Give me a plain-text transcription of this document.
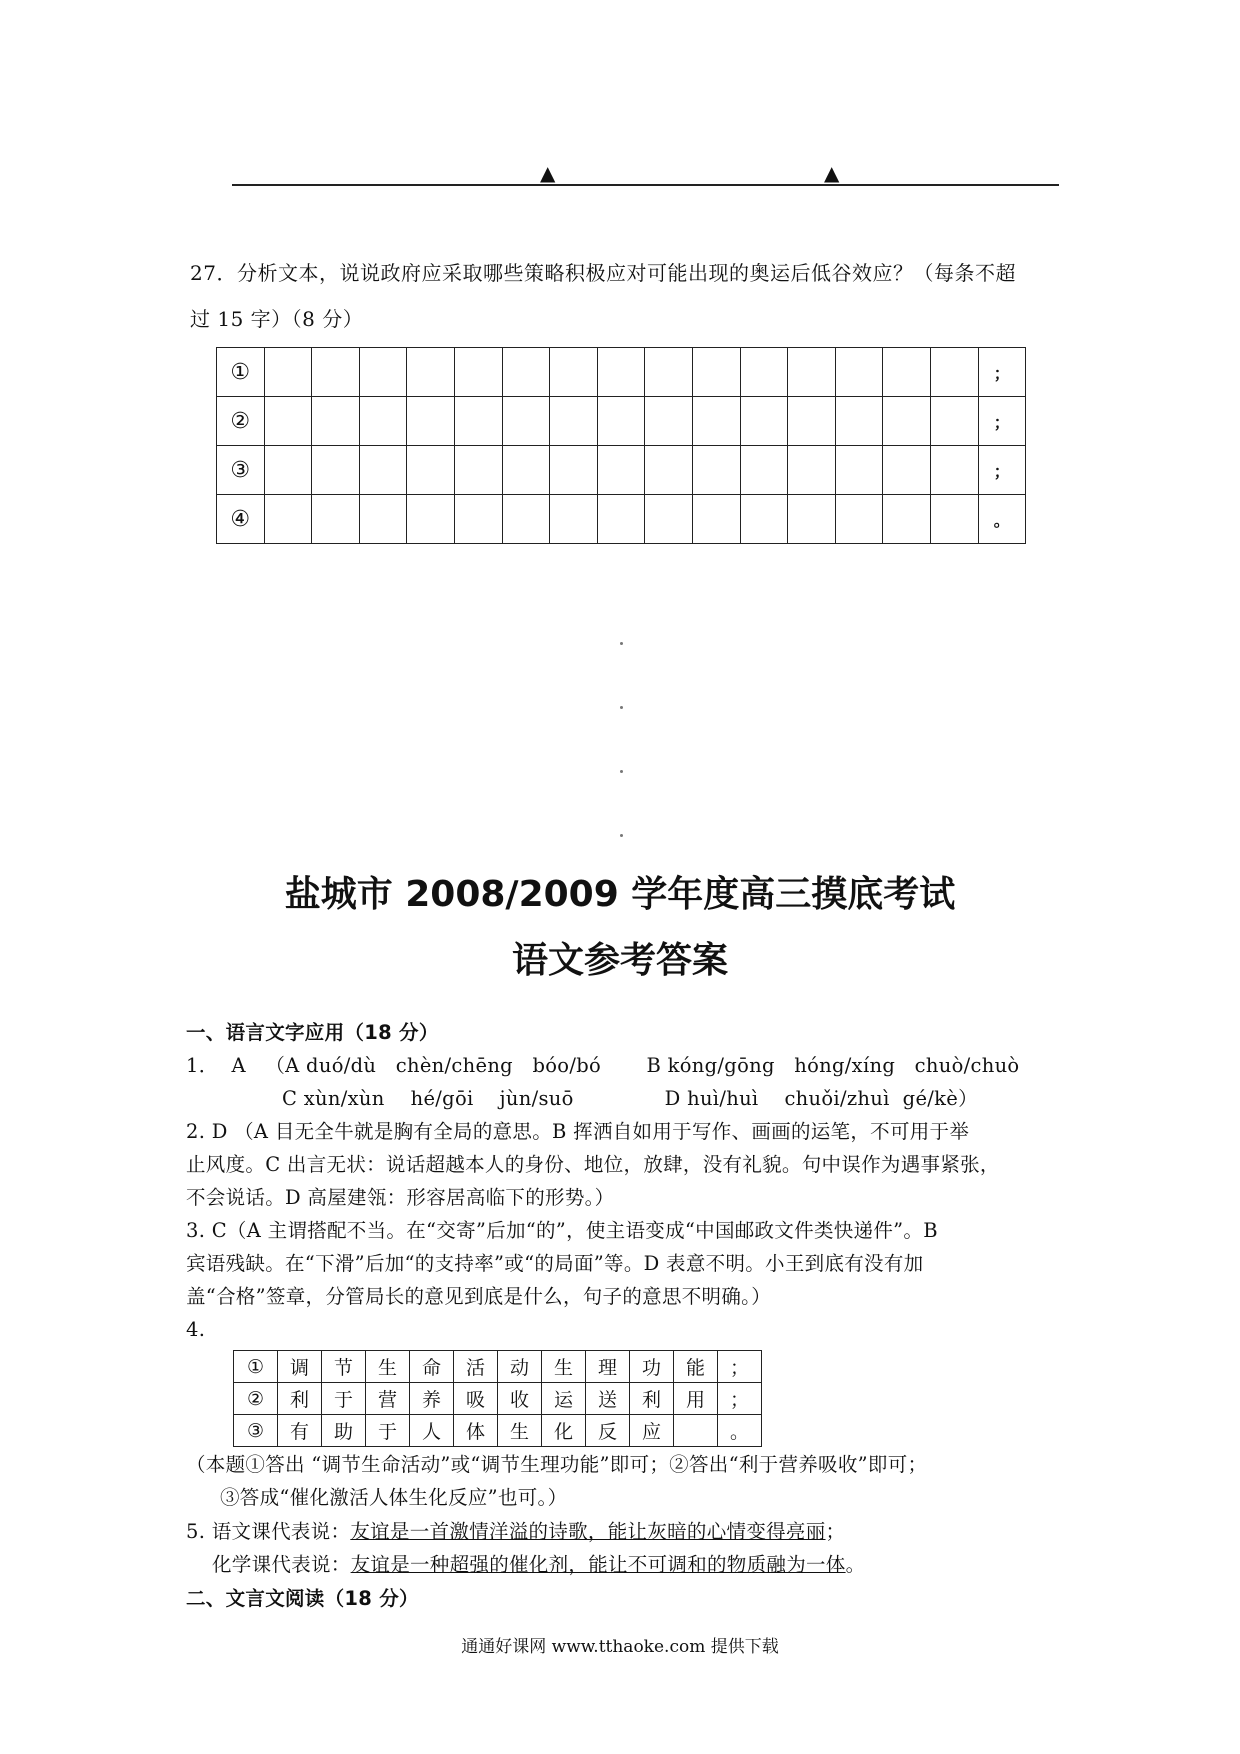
▲	▲
27．分析文本，说说政府应采取哪些策略积极应对可能出现的奥运后低谷效应？（每条不超
过 15 字）（8 分）
①																；
②																；
③																；
④																。
盐城市 2008/2009 学年度高三摸底考试
语文参考答案
一、语言文字应用（18 分）
1．  A   （A duó/dù   chèn/chēng   bóo/bó       B kóng/gōng   hóng/xíng   chuò/chuò
C xùn/xùn    hé/gōi    jùn/suō              D huì/huì    chuǒi/zhuì  gé/kè）
2. D （A 目无全牛就是胸有全局的意思。B 挥洒自如用于写作、画画的运笔，不可用于举
止风度。C 出言无状：说话超越本人的身份、地位，放肆，没有礼貌。句中误作为遇事紧张，
不会说话。D 高屋建瓴：形容居高临下的形势。）
3. C（A 主谓搭配不当。在“交寄”后加“的”，使主语变成“中国邮政文件类快递件”。B
宾语残缺。在“下滑”后加“的支持率”或“的局面”等。D 表意不明。小王到底有没有加
盖“合格”签章，分管局长的意见到底是什么，句子的意思不明确。）
4.
①	调	节	生	命	活	动	生	理	功	能	；
②	利	于	营	养	吸	收	运	送	利	用	；
③	有	助	于	人	体	生	化	反	应		。
（本题①答出 “调节生命活动”或“调节生理功能”即可；②答出“利于营养吸收”即可；
③答成“催化激活人体生化反应”也可。）
5. 语文课代表说：友谊是一首激情洋溢的诗歌，能让灰暗的心情变得亮丽；
化学课代表说：友谊是一种超强的催化剂，能让不可调和的物质融为一体。
二、文言文阅读（18 分）
通通好课网 www.tthaoke.com 提供下载
